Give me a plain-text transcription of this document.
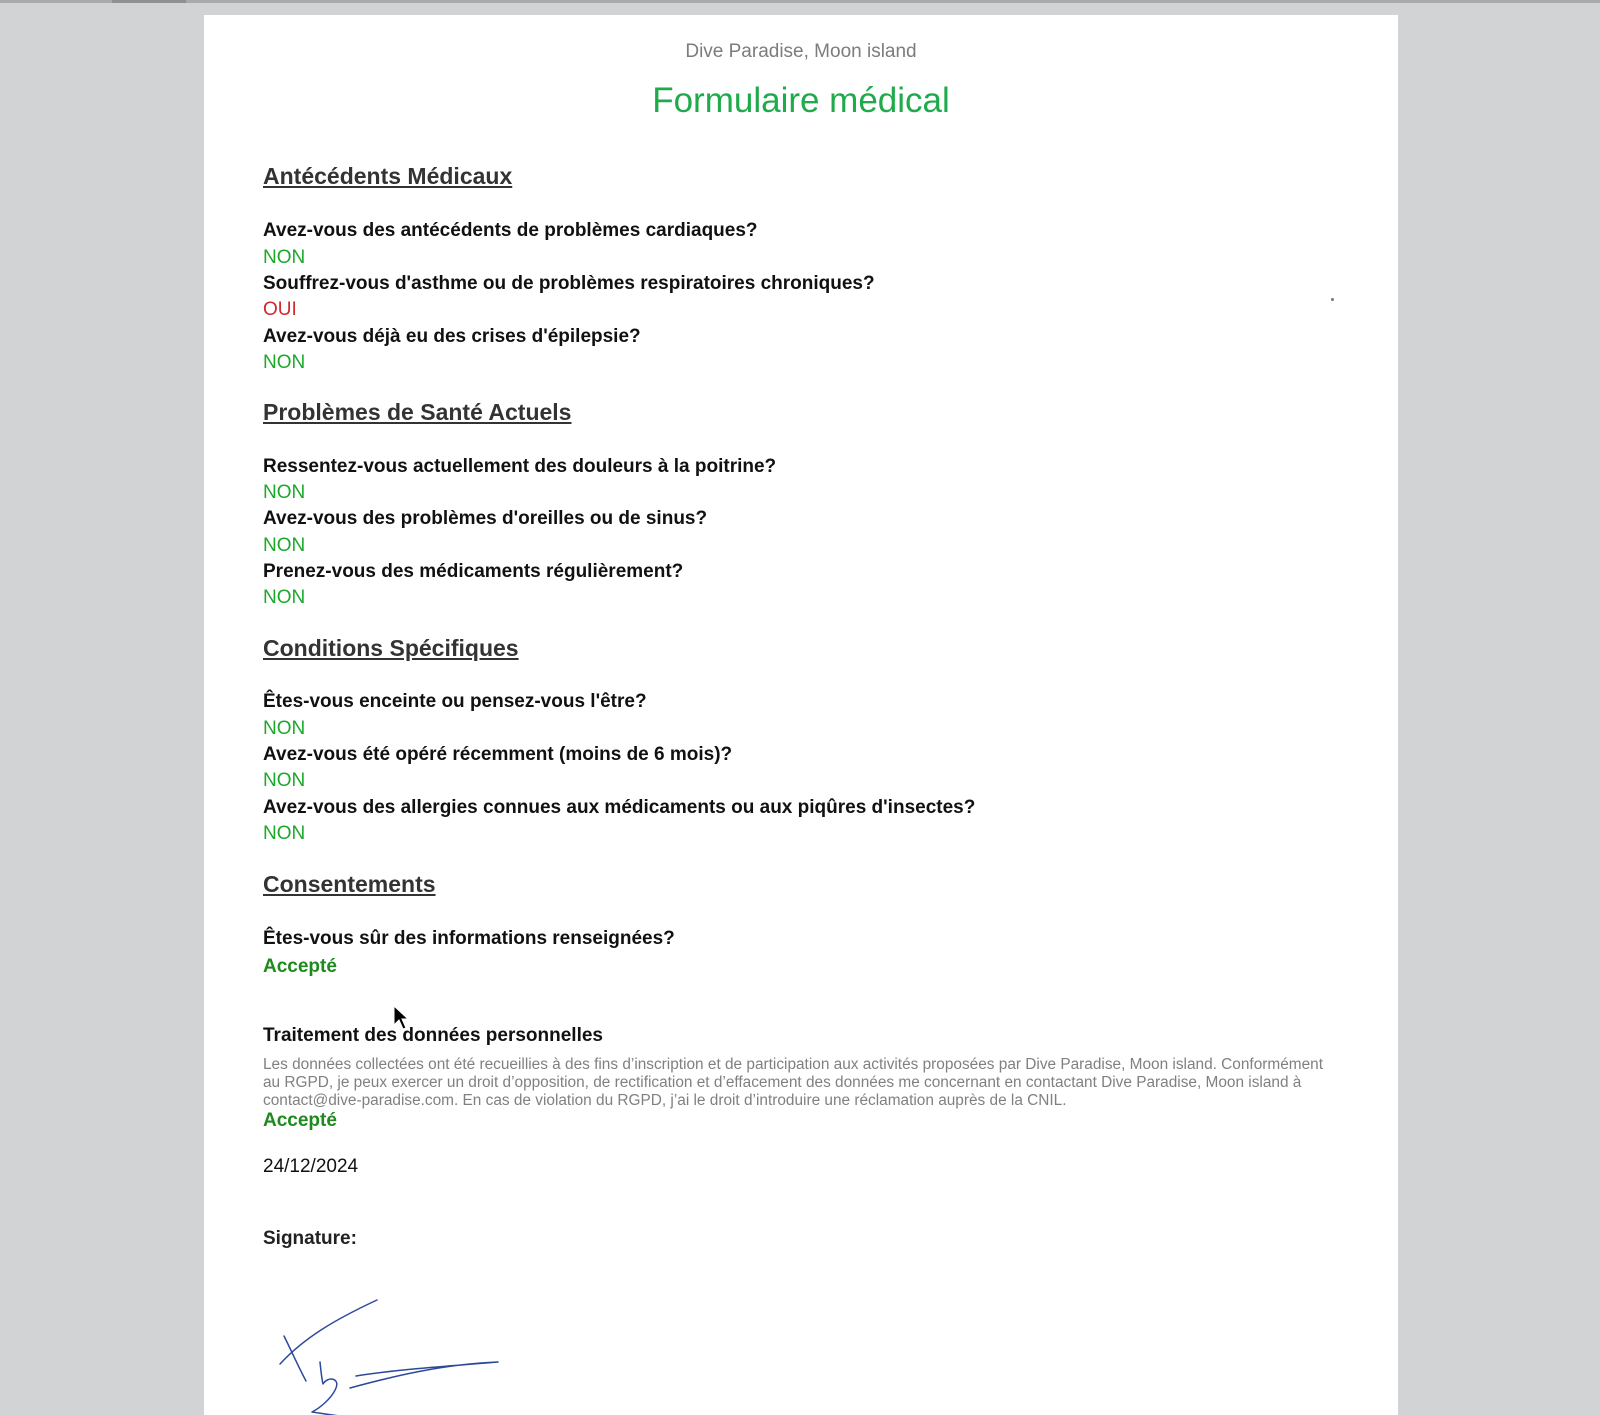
Dive Paradise, Moon island
Formulaire médical
Antécédents Médicaux
Avez-vous des antécédents de problèmes cardiaques?
NON
Souffrez-vous d'asthme ou de problèmes respiratoires chroniques?
OUI
Avez-vous déjà eu des crises d'épilepsie?
NON
Problèmes de Santé Actuels
Ressentez-vous actuellement des douleurs à la poitrine?
NON
Avez-vous des problèmes d'oreilles ou de sinus?
NON
Prenez-vous des médicaments régulièrement?
NON
Conditions Spécifiques
Êtes-vous enceinte ou pensez-vous l'être?
NON
Avez-vous été opéré récemment (moins de 6 mois)?
NON
Avez-vous des allergies connues aux médicaments ou aux piqûres d'insectes?
NON
Consentements
Êtes-vous sûr des informations renseignées?
Accepté
Traitement des données personnelles
Les données collectées ont été recueillies à des fins d’inscription et de participation aux activités proposées par Dive Paradise, Moon island. Conformément au RGPD, je peux exercer un droit d’opposition, de rectification et d’effacement des données me concernant en contactant Dive Paradise, Moon island à contact@dive-paradise.com. En cas de violation du RGPD, j’ai le droit d’introduire une réclamation auprès de la CNIL.
Accepté
24/12/2024
Signature:
